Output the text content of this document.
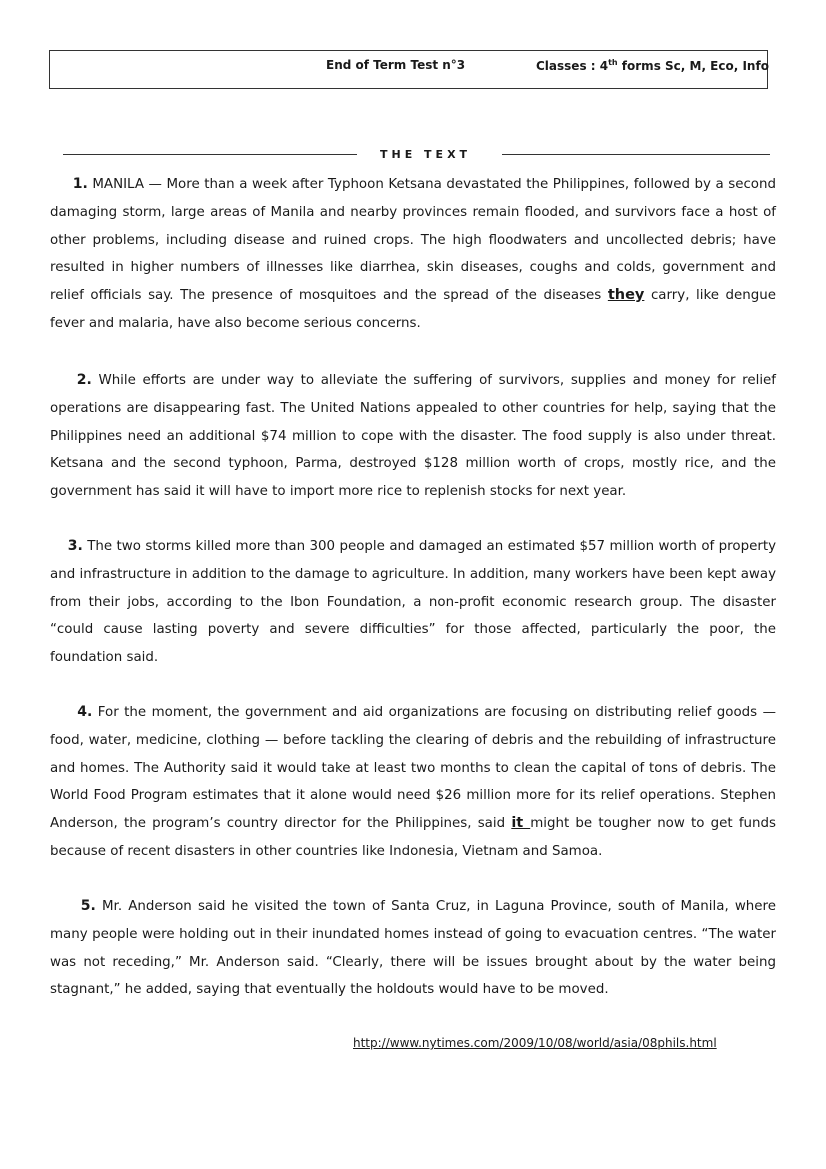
End of Term Test n°3	Classes : 4th forms Sc, M, Eco, Info
THE TEXT

1. MANILA — More than a week after Typhoon Ketsana devastated the Philippines, followed by a second damaging storm, large areas of Manila and nearby provinces remain flooded, and survivors face a host of other problems, including disease and ruined crops. The high floodwaters and uncollected debris; have resulted in higher numbers of illnesses like diarrhea, skin diseases, coughs and colds, government and relief officials say. The presence of mosquitoes and the spread of the diseases they carry, like dengue fever and malaria, have also become serious concerns.

2. While efforts are under way to alleviate the suffering of survivors, supplies and money for relief operations are disappearing fast. The United Nations appealed to other countries for help, saying that the Philippines need an additional $74 million to cope with the disaster. The food supply is also under threat. Ketsana and the second typhoon, Parma, destroyed $128 million worth of crops, mostly rice, and the government has said it will have to import more rice to replenish stocks for next year.

3. The two storms killed more than 300 people and damaged an estimated $57 million worth of property and infrastructure in addition to the damage to agriculture. In addition, many workers have been kept away from their jobs, according to the Ibon Foundation, a non-profit economic research group. The disaster “could cause lasting poverty and severe difficulties” for those affected, particularly the poor, the foundation said.

4. For the moment, the government and aid organizations are focusing on distributing relief goods — food, water, medicine, clothing — before tackling the clearing of debris and the rebuilding of infrastructure and homes. The Authority said it would take at least two months to clean the capital of tons of debris. The World Food Program estimates that it alone would need $26 million more for its relief operations. Stephen Anderson, the program’s country director for the Philippines, said it might be tougher now to get funds because of recent disasters in other countries like Indonesia, Vietnam and Samoa.

5. Mr. Anderson said he visited the town of Santa Cruz, in Laguna Province, south of Manila, where many people were holding out in their inundated homes instead of going to evacuation centres. “The water was not receding,” Mr. Anderson said. “Clearly, there will be issues brought about by the water being stagnant,” he added, saying that eventually the holdouts would have to be moved.

http://www.nytimes.com/2009/10/08/world/asia/08phils.html
